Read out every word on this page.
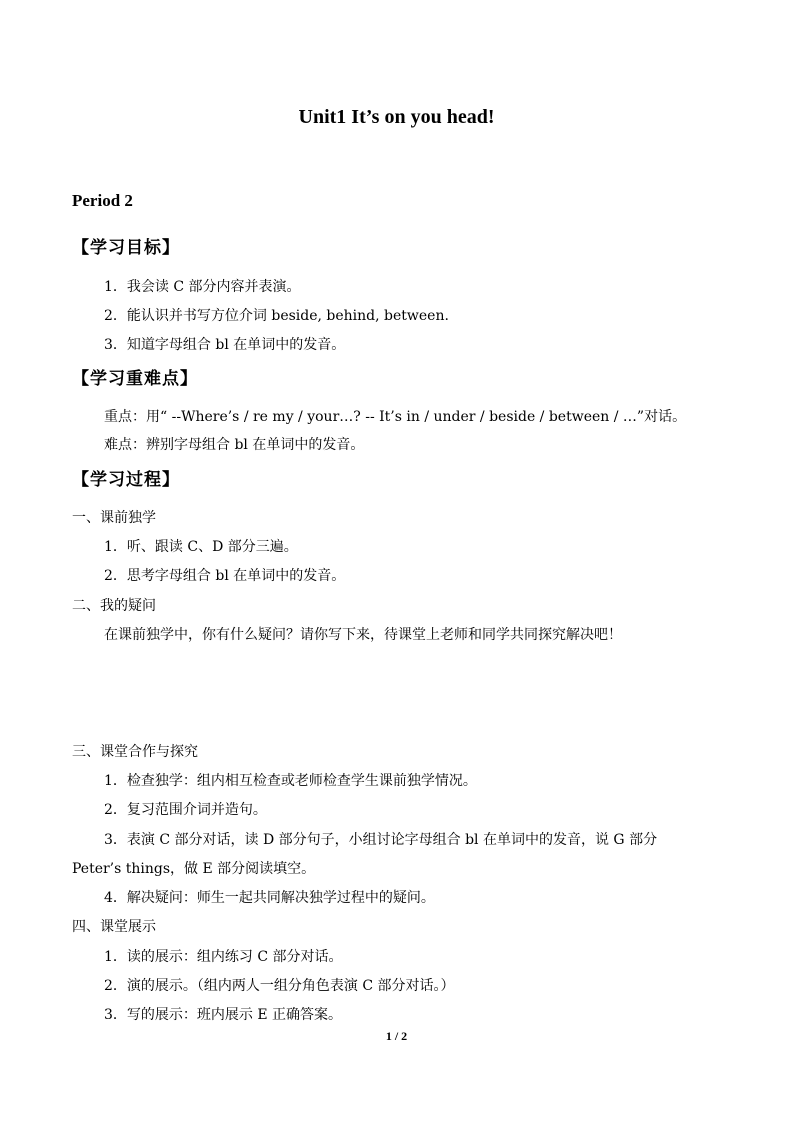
Unit1 It’s on you head!
Period 2
【学习目标】
1．我会读 C 部分内容并表演。
2．能认识并书写方位介词 beside, behind, between.
3．知道字母组合 bl 在单词中的发音。
【学习重难点】
重点：用“ --Where’s / re my / your…? -- It’s in / under / beside / between / …”对话。
难点：辨别字母组合 bl 在单词中的发音。
【学习过程】
一、课前独学
1．听、跟读 C、D 部分三遍。
2．思考字母组合 bl 在单词中的发音。
二、我的疑问
在课前独学中，你有什么疑问？请你写下来，待课堂上老师和同学共同探究解决吧！
三、课堂合作与探究
1．检查独学：组内相互检查或老师检查学生课前独学情况。
2．复习范围介词并造句。
3．表演 C 部分对话，读 D 部分句子，小组讨论字母组合 bl 在单词中的发音，说 G 部分
Peter’s things，做 E 部分阅读填空。
4．解决疑问：师生一起共同解决独学过程中的疑问。
四、课堂展示
1．读的展示：组内练习 C 部分对话。
2．演的展示。（组内两人一组分角色表演 C 部分对话。）
3．写的展示：班内展示 E 正确答案。
1 / 2
